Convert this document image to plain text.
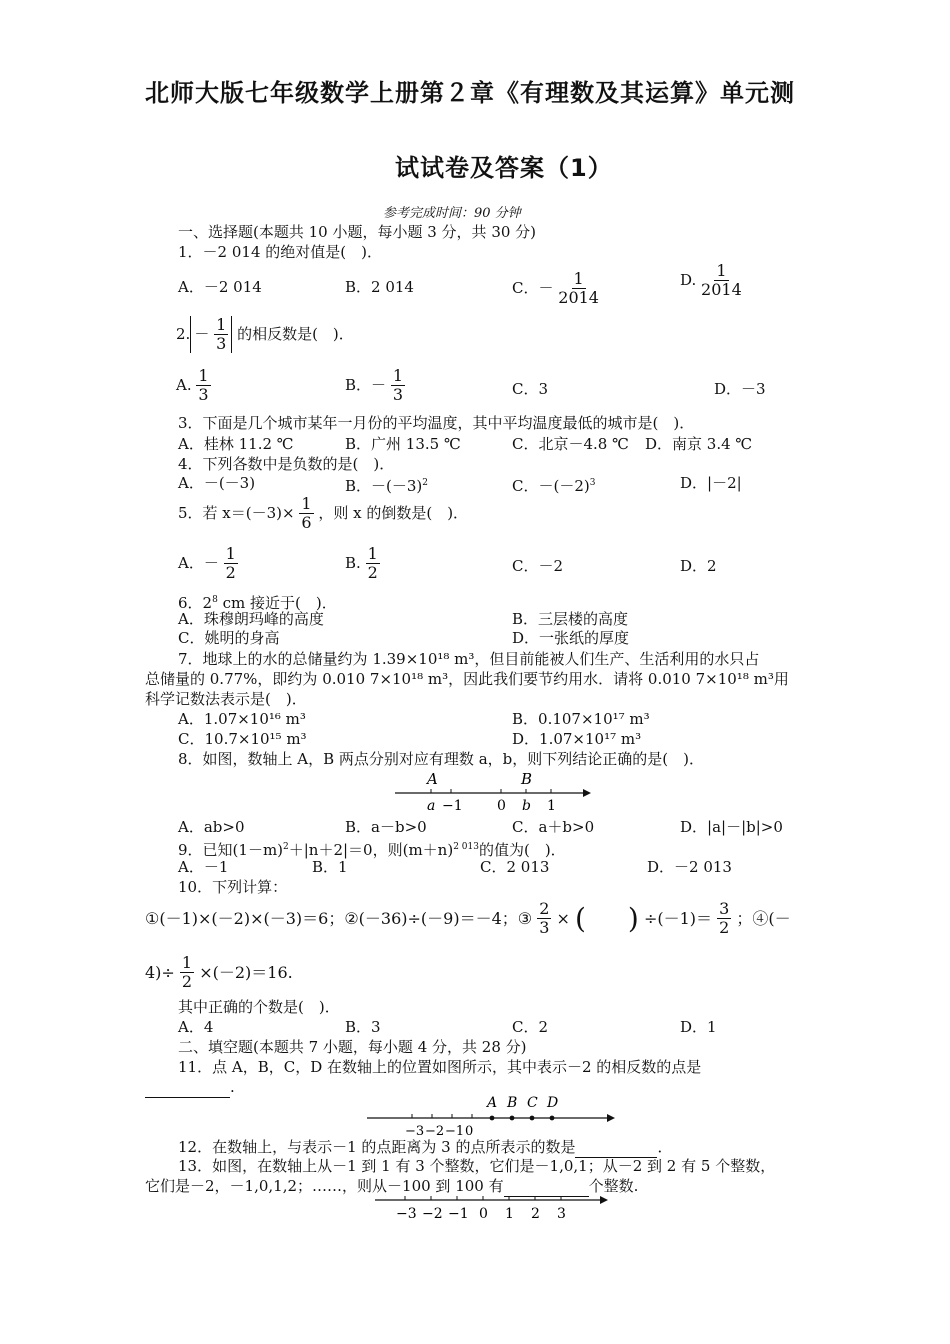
北师大版七年级数学上册第２章《有理数及其运算》单元测
试试卷及答案（1）
参考完成时间：90 分钟
一、选择题(本题共 10 小题，每小题 3 分，共 30 分)
1．－2 014 的绝对值是(　)．
A．－2 014	B．2 014	C．－ $\frac{1}{2014}$	D. $\frac{1}{2014}$
2. － $\frac{1}{3}$ 的相反数是(　)．
A. $\frac{1}{3}$	B．－ $\frac{1}{3}$	C．3	D．－3
3．下面是几个城市某年一月份的平均温度，其中平均温度最低的城市是(　)．
A．桂林 11.2 ℃	B．广州 13.5 ℃	C．北京－4.8 ℃ D．南京 3.4 ℃
4．下列各数中是负数的是(　)．
A．－(－3)	B．$-(-3)^2$	C．$-(-2)^3$	D．|－2|
5．若 $x=(-3)\times \frac{1}{6}$ ，则 x 的倒数是(　)．
A．－ $\frac{1}{2}$	B. $\frac{1}{2}$	C．－2	D．2
6．$2^8$ cm 接近于(　)．
A．珠穆朗玛峰的高度	B．三层楼的高度
C．姚明的身高	D．一张纸的厚度
7．地球上的水的总储量约为 1.39×10¹⁸ m³，但目前能被人们生产、生活利用的水只占
总储量的 0.77%，即约为 0.010 7×10¹⁸ m³，因此我们要节约用水．请将 0.010 7×10¹⁸ m³用
科学记数法表示是(　)．
A．1.07×10¹⁶ m³	B．0.107×10¹⁷ m³
C．10.7×10¹⁵ m³	D．1.07×10¹⁷ m³
8．如图，数轴上 A，B 两点分别对应有理数 a，b，则下列结论正确的是(　)．
A	B
a −1 0 b 1
A．ab>0	B．a－b>0	C．a＋b>0	D．|a|－|b|>0
9．已知$(1-m)^2+|n+2|=0$，则$(m+n)^{2 013}$的值为(　)．
A．－1	B．1	C．2 013	D．－2 013
10．下列计算：
①(－1)×(－2)×(－3)＝6；②(－36)÷(－9)＝－4；③ $\frac{2}{3}$ × (   ) $\div(-1)= \frac{3}{2}$ ；④(－
$4)\div \frac{1}{2} \times(-2)=16$.
其中正确的个数是(　)．
A．4	B．3	C．2	D．1
二、填空题(本题共 7 小题，每小题 4 分，共 28 分)
11．点 A，B，C，D 在数轴上的位置如图所示，其中表示－2 的相反数的点是
.
−3 −2 −1 0
A B C D
12．在数轴上，与表示－1 的点距离为 3 的点所表示的数是	．
13．如图，在数轴上从－1 到 1 有 3 个整数，它们是－1,0,1；从－2 到 2 有 5 个整数，
它们是－2，－1,0,1,2；……，则从－100 到 100 有	个整数.
−3 −2 −1 0 1 2 3
